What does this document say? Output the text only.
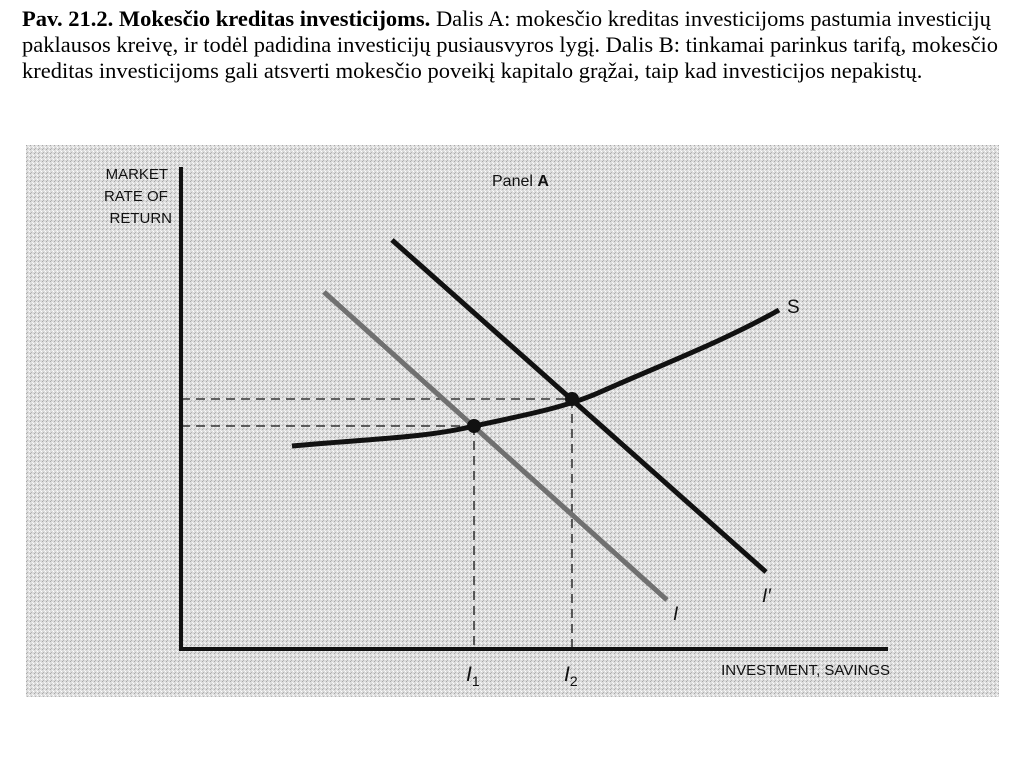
Pav. 21.2. Mokesčio kreditas investicijoms. Dalis A: mokesčio kreditas investicijoms pastumia investicijų paklausos kreivę, ir todėl padidina investicijų pusiausvyros lygį. Dalis B: tinkamai parinkus tarifą, mokesčio kreditas investicijoms gali atsverti mokesčio poveikį kapitalo grąžai, taip kad investicijos nepakistų.
MARKET RATE OF RETURN
Panel A
S
I′
I
$I_1$	$I_2$
INVESTMENT, SAVINGS
